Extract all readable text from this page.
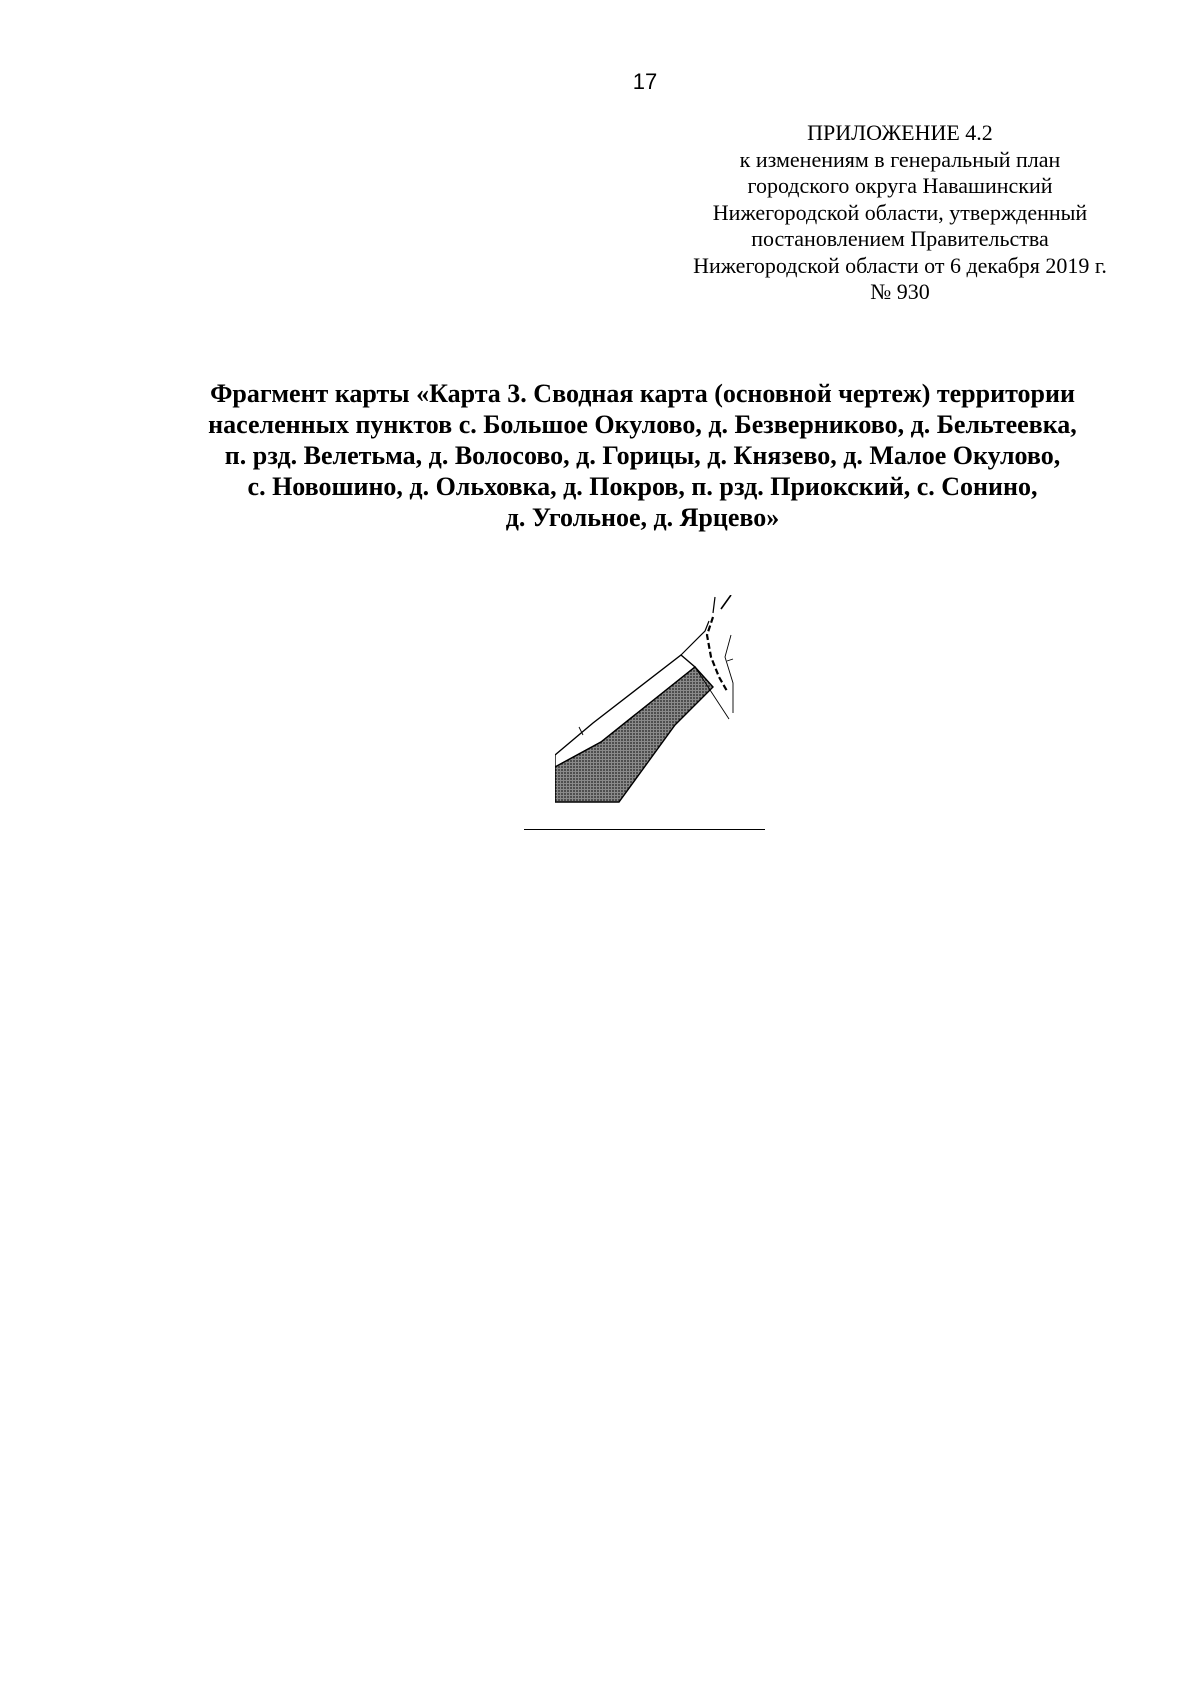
17
ПРИЛОЖЕНИЕ 4.2
к изменениям в генеральный план
городского округа Навашинский
Нижегородской области, утвержденный
постановлением Правительства
Нижегородской области от 6 декабря 2019 г.
№ 930
Фрагмент карты «Карта 3. Сводная карта (основной чертеж) территории
населенных пунктов с. Большое Окулово, д. Безверниково, д. Бельтеевка,
п. рзд. Велетьма, д. Волосово, д. Горицы, д. Князево, д. Малое Окулово,
с. Новошино, д. Ольховка, д. Покров, п. рзд. Приокский, с. Сонино,
д. Угольное, д. Ярцево»
